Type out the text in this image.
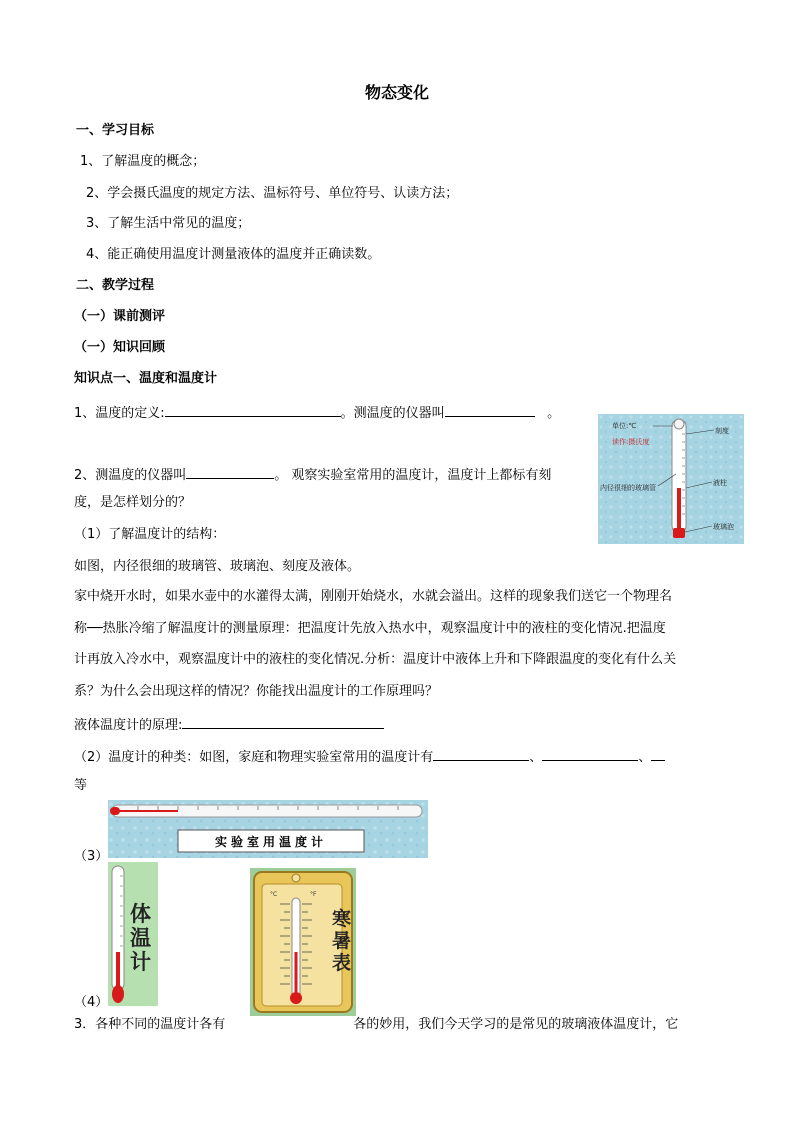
物态变化
一、学习目标
1、了解温度的概念；
2、学会摄氏温度的规定方法、温标符号、单位符号、认读方法；
3、了解生活中常见的温度；
4、能正确使用温度计测量液体的温度并正确读数。
二、教学过程
（一）课前测评
（一）知识回顾
知识点一、温度和温度计
1、温度的定义:	。测温度的仪器叫	。
2、测温度的仪器叫	。 观察实验室常用的温度计，温度计上都标有刻
度，是怎样划分的？
（1）了解温度计的结构：
如图，内径很细的玻璃管、玻璃泡、刻度及液体。
家中烧开水时，如果水壶中的水灌得太满，刚刚开始烧水，水就会溢出。这样的现象我们送它一个物理名
称──热胀冷缩了解温度计的测量原理：把温度计先放入热水中，观察温度计中的液柱的变化情况.把温度
计再放入冷水中，观察温度计中的液柱的变化情况.分析：温度计中液体上升和下降跟温度的变化有什么关
系？为什么会出现这样的情况？你能找出温度计的工作原理吗？
液体温度计的原理:
（2）温度计的种类：如图，家庭和物理实验室常用的温度计有	、	、
等
（3）
（4）
3．各种不同的温度计各有	各的妙用，我们今天学习的是常见的玻璃液体温度计，它
单位:℃
读作:摄氏度
刻度
内径很细的玻璃管
液柱
玻璃泡
实验室用温度计
体温计
°C	°F
寒暑表
